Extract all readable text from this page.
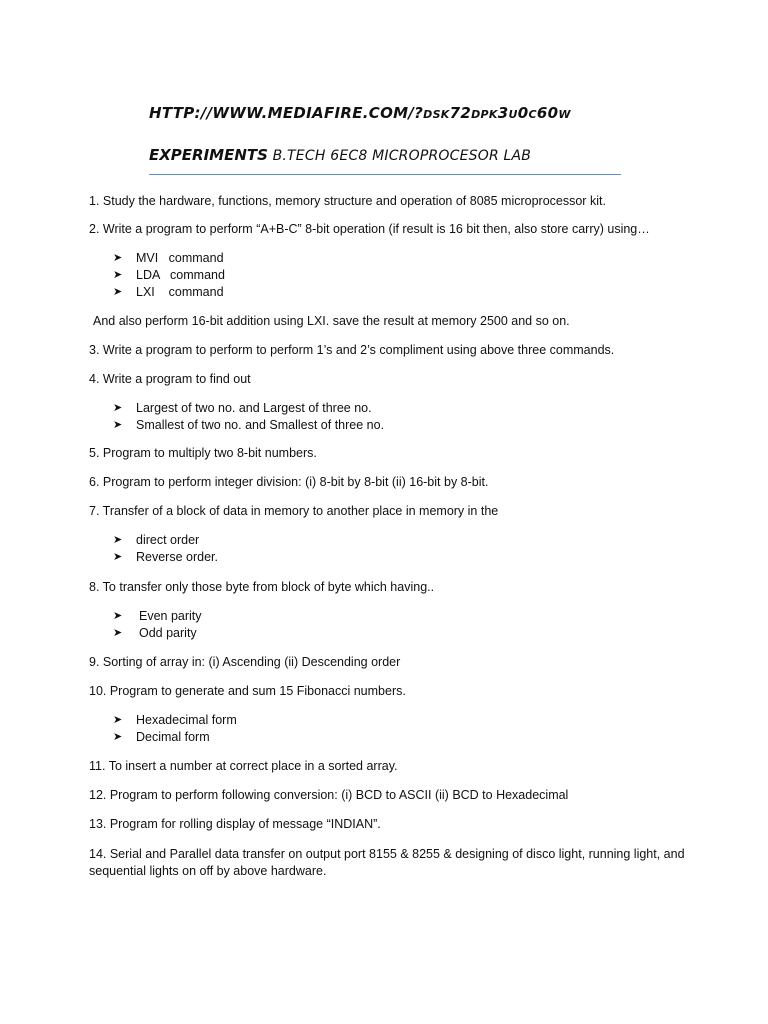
HTTP://WWW.MEDIAFIRE.COM/?DSK72DPK3U0C60W
EXPERIMENTS B.TECH 6EC8 MICROPROCESOR LAB
1. Study the hardware, functions, memory structure and operation of 8085 microprocessor kit.
2. Write a program to perform “A+B-C” 8-bit operation (if result is 16 bit then, also store carry) using…
➤ MVI   command
➤ LDA   command
➤ LXI    command
And also perform 16-bit addition using LXI. save the result at memory 2500 and so on.
3. Write a program to perform to perform 1’s and 2’s compliment using above three commands.
4. Write a program to find out
➤ Largest of two no. and Largest of three no.
➤ Smallest of two no. and Smallest of three no.
5. Program to multiply two 8-bit numbers.
6. Program to perform integer division: (i) 8-bit by 8-bit (ii) 16-bit by 8-bit.
7. Transfer of a block of data in memory to another place in memory in the
➤ direct order
➤ Reverse order.
8. To transfer only those byte from block of byte which having..
➤ Even parity
➤ Odd parity
9. Sorting of array in: (i) Ascending (ii) Descending order
10. Program to generate and sum 15 Fibonacci numbers.
➤ Hexadecimal form
➤ Decimal form
11. To insert a number at correct place in a sorted array.
12. Program to perform following conversion: (i) BCD to ASCII (ii) BCD to Hexadecimal
13. Program for rolling display of message “INDIAN”.
14. Serial and Parallel data transfer on output port 8155 & 8255 & designing of disco light, running light, and sequential lights on off by above hardware.
